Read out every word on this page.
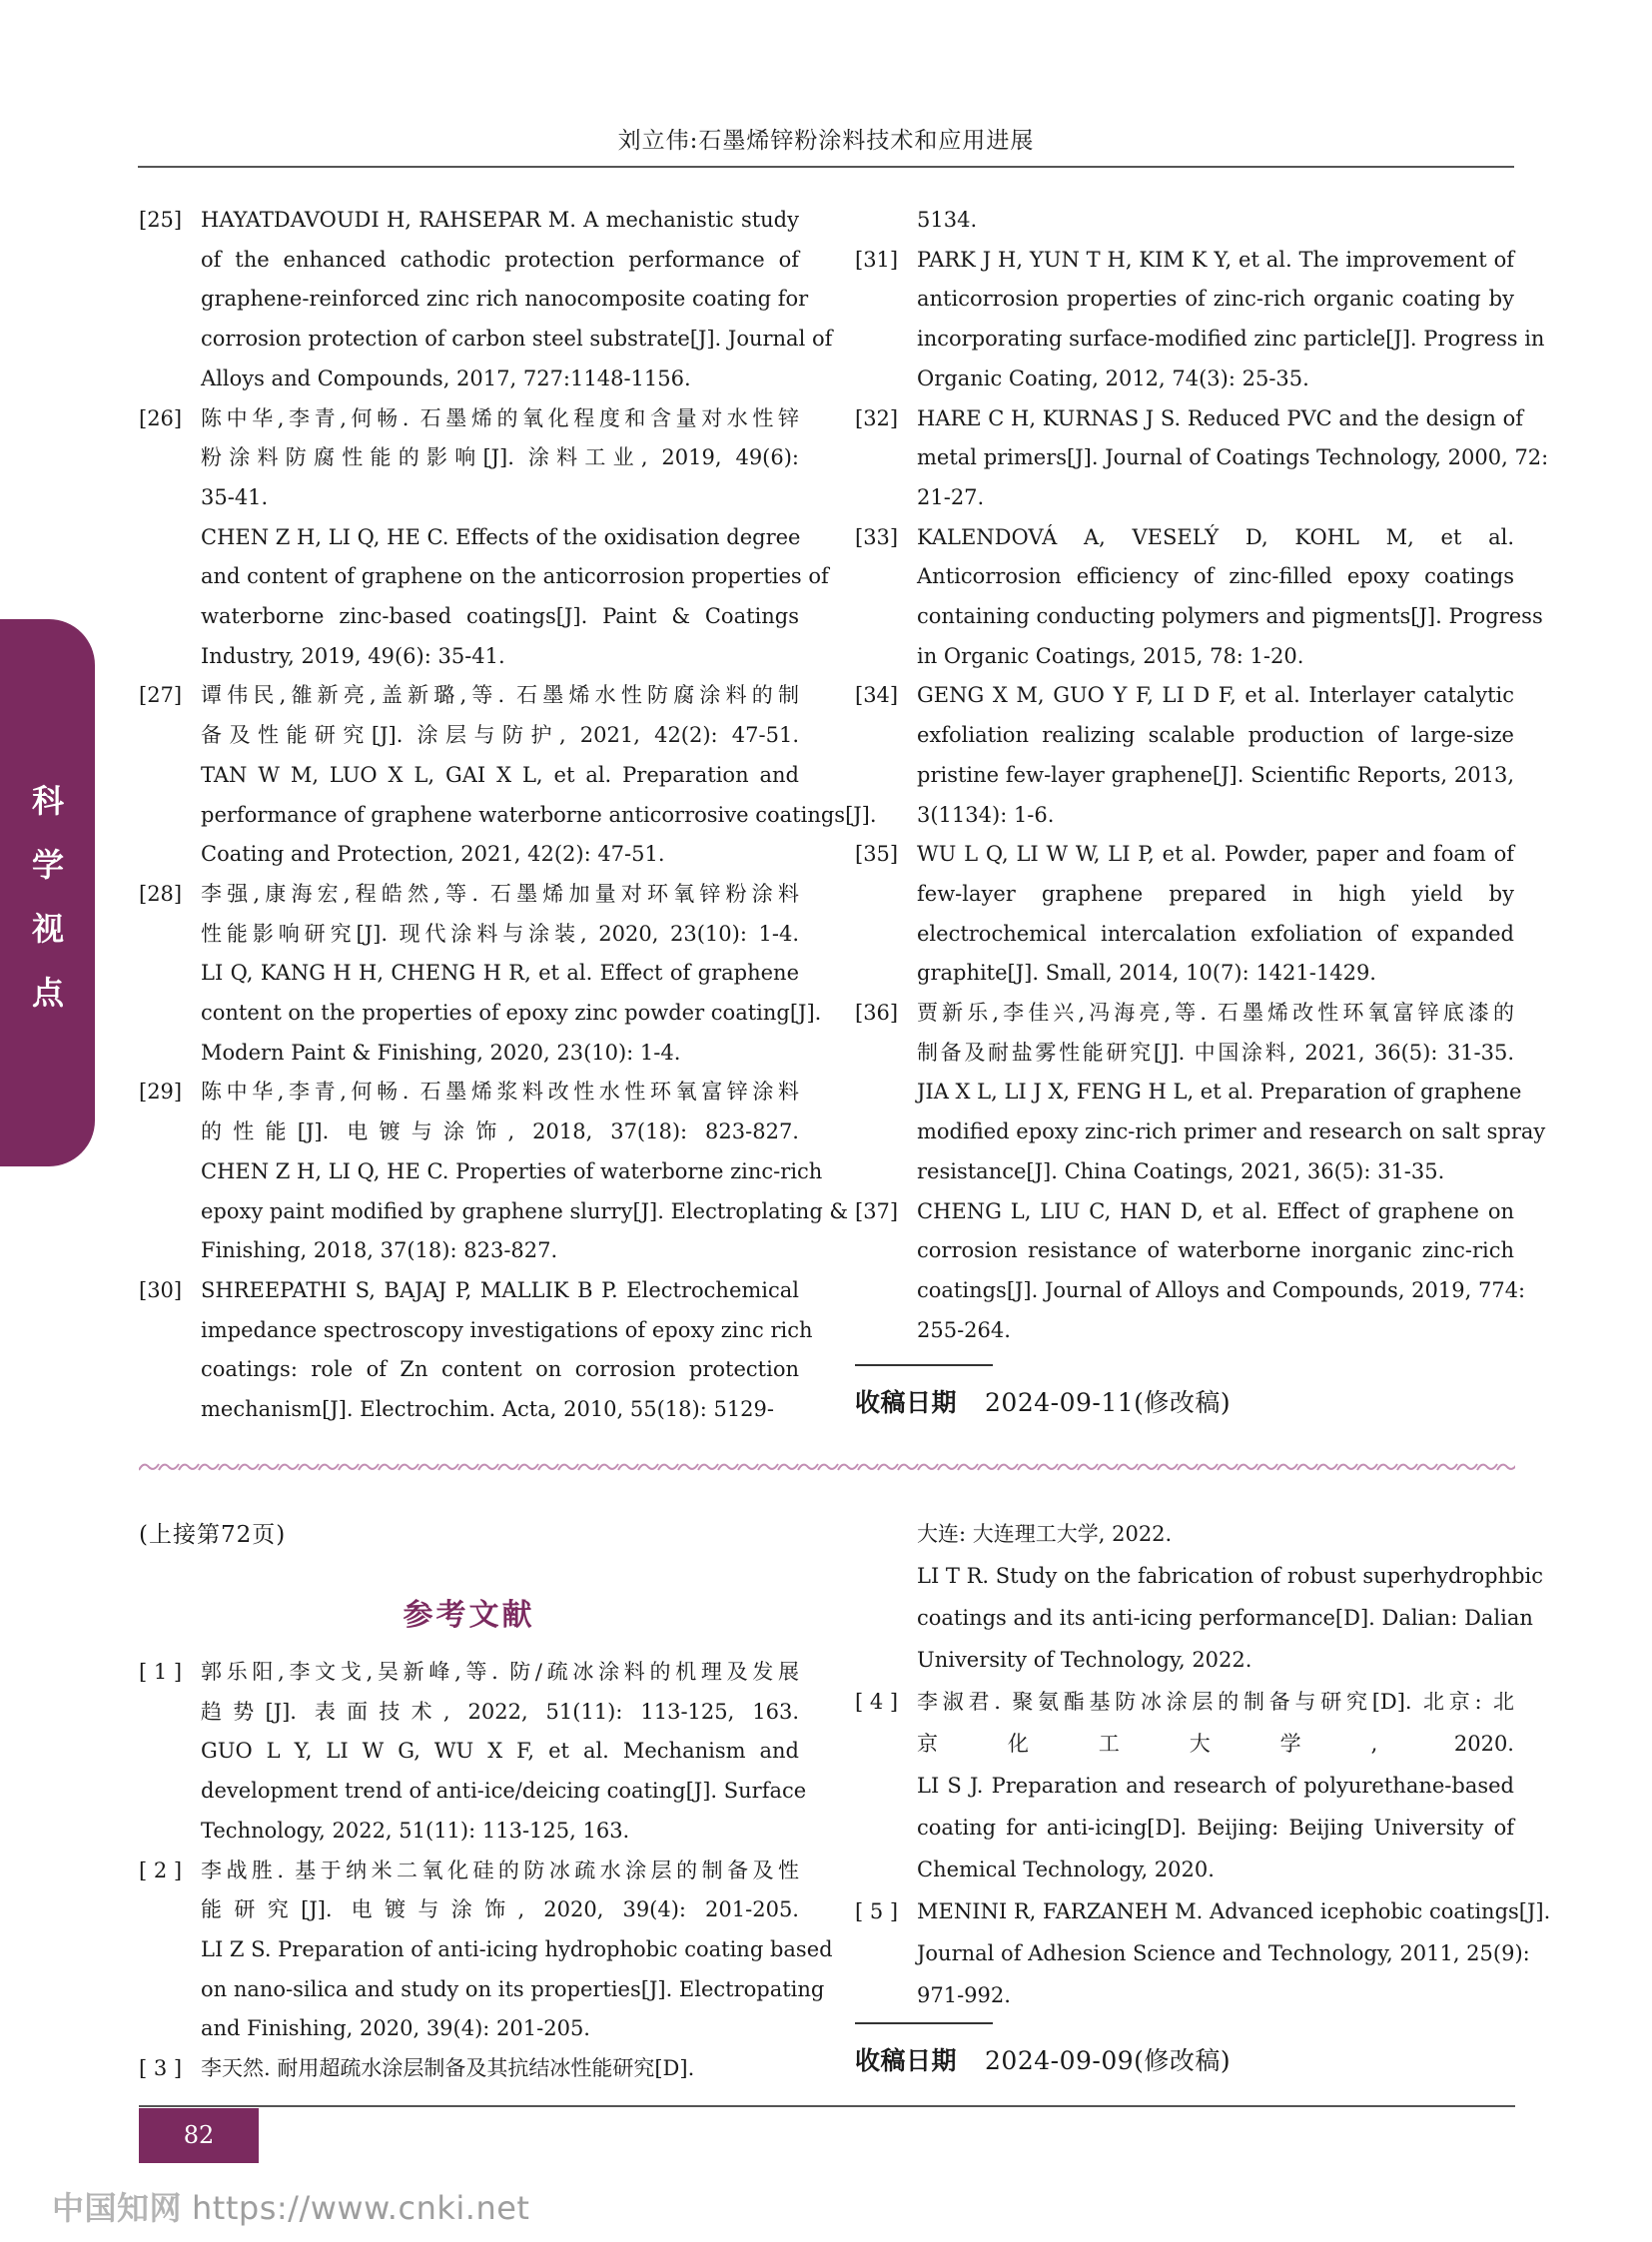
刘立伟:石墨烯锌粉涂料技术和应用进展
科
学
视
点
[25] HAYATDAVOUDI H, RAHSEPAR M. A mechanistic study
of the enhanced cathodic protection performance of
graphene-reinforced zinc rich nanocomposite coating for
corrosion protection of carbon steel substrate[J]. Journal of
Alloys and Compounds, 2017, 727:1148-1156.
[26] 陈中华,李青,何畅. 石墨烯的氧化程度和含量对水性锌
粉涂料防腐性能的影响[J]. 涂料工业, 2019, 49(6):
35-41.
CHEN Z H, LI Q, HE C. Effects of the oxidisation degree
and content of graphene on the anticorrosion properties of
waterborne zinc-based coatings[J]. Paint & Coatings
Industry, 2019, 49(6): 35-41.
[27] 谭伟民,雒新亮,盖新璐,等. 石墨烯水性防腐涂料的制
备及性能研究[J]. 涂层与防护, 2021, 42(2): 47-51.
TAN W M, LUO X L, GAI X L, et al. Preparation and
performance of graphene waterborne anticorrosive coatings[J].
Coating and Protection, 2021, 42(2): 47-51.
[28] 李强,康海宏,程皓然,等. 石墨烯加量对环氧锌粉涂料
性能影响研究[J]. 现代涂料与涂装, 2020, 23(10): 1-4.
LI Q, KANG H H, CHENG H R, et al. Effect of graphene
content on the properties of epoxy zinc powder coating[J].
Modern Paint & Finishing, 2020, 23(10): 1-4.
[29] 陈中华,李青,何畅. 石墨烯浆料改性水性环氧富锌涂料
的性能[J]. 电镀与涂饰, 2018, 37(18): 823-827.
CHEN Z H, LI Q, HE C. Properties of waterborne zinc-rich
epoxy paint modified by graphene slurry[J]. Electroplating &
Finishing, 2018, 37(18): 823-827.
[30] SHREEPATHI S, BAJAJ P, MALLIK B P. Electrochemical
impedance spectroscopy investigations of epoxy zinc rich
coatings: role of Zn content on corrosion protection
mechanism[J]. Electrochim. Acta, 2010, 55(18): 5129-
5134.
[31] PARK J H, YUN T H, KIM K Y, et al. The improvement of
anticorrosion properties of zinc-rich organic coating by
incorporating surface-modified zinc particle[J]. Progress in
Organic Coating, 2012, 74(3): 25-35.
[32] HARE C H, KURNAS J S. Reduced PVC and the design of
metal primers[J]. Journal of Coatings Technology, 2000, 72:
21-27.
[33] KALENDOVÁ A, VESELÝ D, KOHL M, et al.
Anticorrosion efficiency of zinc-filled epoxy coatings
containing conducting polymers and pigments[J]. Progress
in Organic Coatings, 2015, 78: 1-20.
[34] GENG X M, GUO Y F, LI D F, et al. Interlayer catalytic
exfoliation realizing scalable production of large-size
pristine few-layer graphene[J]. Scientific Reports, 2013,
3(1134): 1-6.
[35] WU L Q, LI W W, LI P, et al. Powder, paper and foam of
few-layer graphene prepared in high yield by
electrochemical intercalation exfoliation of expanded
graphite[J]. Small, 2014, 10(7): 1421-1429.
[36] 贾新乐,李佳兴,冯海亮,等. 石墨烯改性环氧富锌底漆的
制备及耐盐雾性能研究[J]. 中国涂料, 2021, 36(5): 31-35.
JIA X L, LI J X, FENG H L, et al. Preparation of graphene
modified epoxy zinc-rich primer and research on salt spray
resistance[J]. China Coatings, 2021, 36(5): 31-35.
[37] CHENG L, LIU C, HAN D, et al. Effect of graphene on
corrosion resistance of waterborne inorganic zinc-rich
coatings[J]. Journal of Alloys and Compounds, 2019, 774:
255-264.
收稿日期 2024-09-11(修改稿)
(上接第72页)
参考文献
[ 1 ] 郭乐阳,李文戈,吴新峰,等. 防/疏冰涂料的机理及发展
趋势[J]. 表面技术, 2022, 51(11): 113-125, 163.
GUO L Y, LI W G, WU X F, et al. Mechanism and
development trend of anti-ice/deicing coating[J]. Surface
Technology, 2022, 51(11): 113-125, 163.
[ 2 ] 李战胜. 基于纳米二氧化硅的防冰疏水涂层的制备及性
能研究[J]. 电镀与涂饰, 2020, 39(4): 201-205.
LI Z S. Preparation of anti-icing hydrophobic coating based
on nano-silica and study on its properties[J]. Electropating
and Finishing, 2020, 39(4): 201-205.
[ 3 ] 李天然. 耐用超疏水涂层制备及其抗结冰性能研究[D].
大连: 大连理工大学, 2022.
LI T R. Study on the fabrication of robust superhydrophbic
coatings and its anti-icing performance[D]. Dalian: Dalian
University of Technology, 2022.
[ 4 ] 李淑君. 聚氨酯基防冰涂层的制备与研究[D]. 北京: 北
京化工大学, 2020.
LI S J. Preparation and research of polyurethane-based
coating for anti-icing[D]. Beijing: Beijing University of
Chemical Technology, 2020.
[ 5 ] MENINI R, FARZANEH M. Advanced icephobic coatings[J].
Journal of Adhesion Science and Technology, 2011, 25(9):
971-992.
收稿日期 2024-09-09(修改稿)
82
中国知网 https://www.cnki.net
